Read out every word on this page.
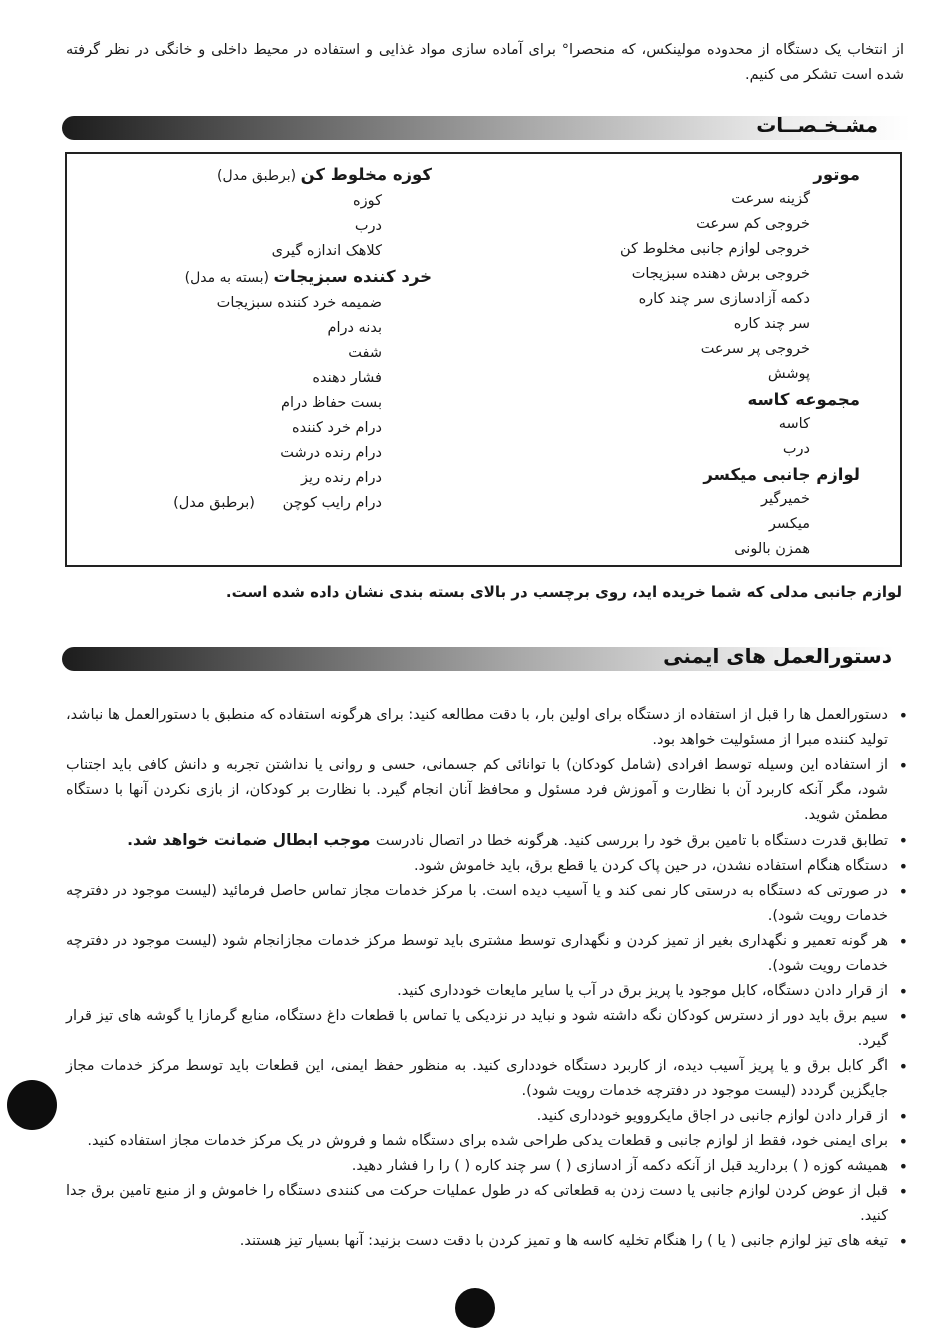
از انتخاب یک دستگاه از محدوده مولینکس، که منحصرا° برای آماده سازی مواد غذایی و استفاده در محیط داخلی و خانگی در نظر گرفته شده است تشکر می کنیم.
مشـخـصــات
موتور
گزینه سرعت
خروجی کم سرعت
خروجی لوازم جانبی مخلوط کن
خروجی برش دهنده سبزیجات
دکمه آزادسازی سر چند کاره
سر چند کاره
خروجی پر سرعت
پوشش
مجموعه کاسه
کاسه
درب
لوازم جانبی میکسر
خمیرگیر
میکسر
همزن بالونی
کوزه مخلوط کن (برطبق مدل)
کوزه
درب
کلاهک اندازه گیری
خرد کننده سبزیجات (بسته به مدل)
ضمیمه خرد کننده سبزیجات
بدنه درام
شفت
فشار دهنده
بست حفاظ درام
درام خرد کننده
درام رنده درشت
درام رنده ریز
درام رایب کوچن      (برطبق مدل)
لوازم جانبی مدلی که شما خریده اید، روی برچسب در بالای بسته بندی نشان داده شده است.
دستورالعمل های ایمنی
• دستورالعمل ها را قبل از استفاده از دستگاه برای اولین بار، با دقت مطالعه کنید: برای هرگونه استفاده که منطبق با دستورالعمل ها نباشد، تولید کننده مبرا از مسئولیت خواهد بود.
• از استفاده این وسیله توسط افرادی (شامل کودکان) با توانائی کم جسمانی، حسی و روانی یا نداشتن تجربه و دانش کافی باید اجتناب شود، مگر آنکه کاربرد آن با نظارت و آموزش فرد مسئول و محافظ آنان انجام گیرد. با نظارت بر کودکان، از بازی نکردن آنها با دستگاه مطمئن شوید.
• تطابق قدرت دستگاه با تامین برق خود را بررسی کنید. هرگونه خطا در اتصال نادرست موجب ابطال ضمانت خواهد شد.
• دستگاه هنگام استفاده نشدن، در حین پاک کردن یا قطع برق، باید خاموش شود.
• در صورتی که دستگاه به درستی کار نمی کند و یا آسیب دیده است. با مرکز خدمات مجاز تماس حاصل فرمائید (لیست موجود در دفترچه خدمات رویت شود).
• هر گونه تعمیر و نگهداری بغیر از تمیز کردن و نگهداری توسط مشتری باید توسط مرکز خدمات مجازانجام شود (لیست موجود در دفترچه خدمات رویت شود).
• از قرار دادن دستگاه، کابل موجود یا پریز برق در آب یا سایر مایعات خودداری کنید.
• سیم برق باید دور از دسترس کودکان نگه داشته شود و نباید در نزدیکی یا تماس با قطعات داغ دستگاه، منابع گرمازا یا گوشه های تیز قرار گیرد.
• اگر کابل برق و یا پریز آسیب دیده، از کاربرد دستگاه خودداری کنید. به منظور حفظ ایمنی، این قطعات باید توسط مرکز خدمات مجاز جایگزین گرددد (لیست موجود در دفترچه خدمات رویت شود).
• از قرار دادن لوازم جانبی در اجاق مایکروویو خودداری کنید.
• برای ایمنی خود، فقط از لوازم جانبی و قطعات یدکی طراحی شده برای دستگاه شما و فروش در یک مرکز خدمات مجاز استفاده کنید.
• همیشه کوزه ( ) بردارید قبل از آنکه دکمه آز ادسازی ( ) سر چند کاره ( ) را را فشار دهید.
• قبل از عوض کردن لوازم جانبی یا دست زدن به قطعاتی که در طول عملیات حرکت می کنندی دستگاه را خاموش و از منبع تامین برق جدا کنید.
• تیغه های تیز لوازم جانبی ( یا ) را هنگام تخلیه کاسه ها و تمیز کردن با دقت دست بزنید: آنها بسیار تیز هستند.
